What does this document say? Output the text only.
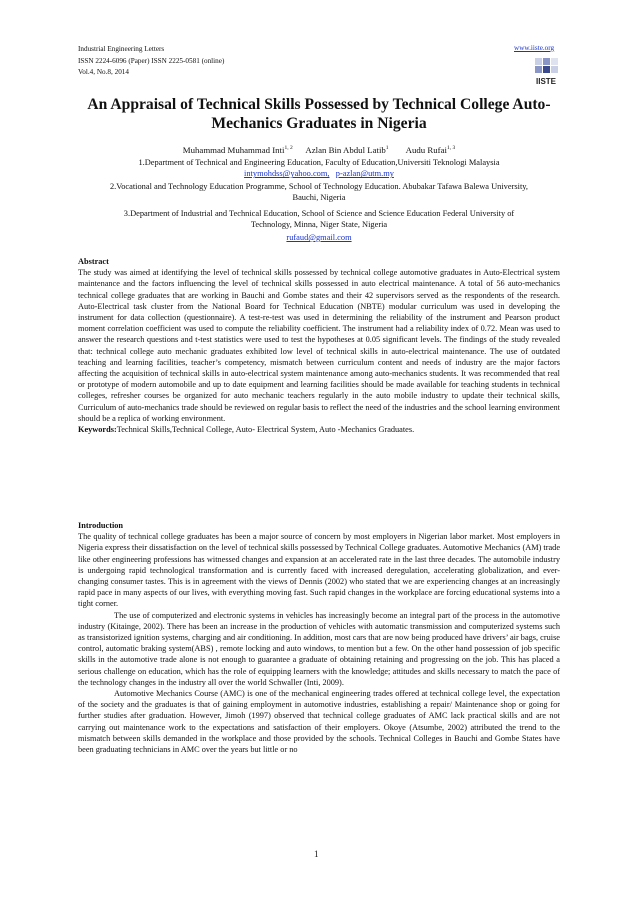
Industrial Engineering Letters
ISSN 2224-6096 (Paper) ISSN 2225-0581 (online)
Vol.4, No.8, 2014
www.iiste.org
IISTE
An Appraisal of Technical Skills Possessed by Technical College Auto-Mechanics Graduates in Nigeria
Muhammad Muhammad Inti$^{1, 2}$ Azlan Bin Abdul Latib$^1$ Audu Rufai$^{1, 3}$
1.Department of Technical and Engineering Education, Faculty of Education,Universiti Teknologi Malaysia
intymohdss@yahoo.com, p-azlan@utm.my
2.Vocational and Technology Education Programme, School of Technology Education. Abubakar Tafawa Balewa University, Bauchi, Nigeria
3.Department of Industrial and Technical Education, School of Science and Science Education Federal University of Technology, Minna, Niger State, Nigeria
rufaud@gmail.com
Abstract
The study was aimed at identifying the level of technical skills possessed by technical college automotive graduates in Auto-Electrical system maintenance and the factors influencing the level of technical skills possessed in auto electrical maintenance. A total of 56 auto-mechanics technical college graduates that are working in Bauchi and Gombe states and their 42 supervisors served as the respondents of the research. Auto-Electrical task cluster from the National Board for Technical Education (NBTE) modular curriculum was used in developing the instrument for data collection (questionnaire). A test-re-test was used in determining the reliability of the instrument and Pearson product moment correlation coefficient was used to compute the reliability coefficient. The instrument had a reliability index of 0.72. Mean was used to answer the research questions and t-test statistics were used to test the hypotheses at 0.05 significant levels. The findings of the study revealed that: technical college auto mechanic graduates exhibited low level of technical skills in auto-electrical maintenance. The use of outdated teaching and learning facilities, teacher’s competency, mismatch between curriculum content and needs of industry are the major factors affecting the acquisition of technical skills in auto-electrical system maintenance among auto-mechanics students. It was recommended that real or prototype of modern automobile and up to date equipment and learning facilities should be made available for teaching students in technical colleges, refresher courses be organized for auto mechanic teachers regularly in the auto mobile industry to update their technical skills, Curriculum of auto-mechanics trade should be reviewed on regular basis to reflect the need of the industries and the school learning environment should be a replica of working environment.
Keywords:Technical Skills,Technical College, Auto- Electrical System, Auto -Mechanics Graduates.
Introduction
The quality of technical college graduates has been a major source of concern by most employers in Nigerian labor market. Most employers in Nigeria express their dissatisfaction on the level of technical skills possessed by Technical College graduates. Automotive Mechanics (AM) trade like other engineering professions has witnessed changes and expansion at an accelerated rate in the last three decades. The automobile industry is undergoing rapid technological transformation and is currently faced with increased deregulation, accelerating globalization, and ever-changing consumer tastes. This is in agreement with the views of Dennis (2002) who stated that we are experiencing changes at an increasingly rapid pace in many aspects of our lives, with everything moving fast. Such rapid changes in the workplace are forcing educational systems into a tight corner.
The use of computerized and electronic systems in vehicles has increasingly become an integral part of the process in the automotive industry (Kitainge, 2002). There has been an increase in the production of vehicles with automatic transmission and computerized systems such as transistorized ignition systems, charging and air conditioning. In addition, most cars that are now being produced have drivers’ air bags, cruise control, automatic braking system(ABS) , remote locking and auto windows, to mention but a few. On the other hand possession of job specific skills in the automotive trade alone is not enough to guarantee a graduate of obtaining retaining and progressing on the job. This has placed a serious challenge on education, which has the role of equipping learners with the knowledge; attitudes and skills necessary to match the pace of the technology changes in the industry all over the world Schwaller (Inti, 2009).
Automotive Mechanics Course (AMC) is one of the mechanical engineering trades offered at technical college level, the expectation of the society and the graduates is that of gaining employment in automotive industries, establishing a repair/ Maintenance shop or going for further studies after graduation. However, Jimoh (1997) observed that technical college graduates of AMC lack practical skills and are not carrying out maintenance work to the expectations and satisfaction of their employers. Okoye (Atsumbe, 2002) attributed the trend to the mismatch between skills demanded in the workplace and those provided by the schools. Technical Colleges in Bauchi and Gombe States have been graduating technicians in AMC over the years but little or no
1
